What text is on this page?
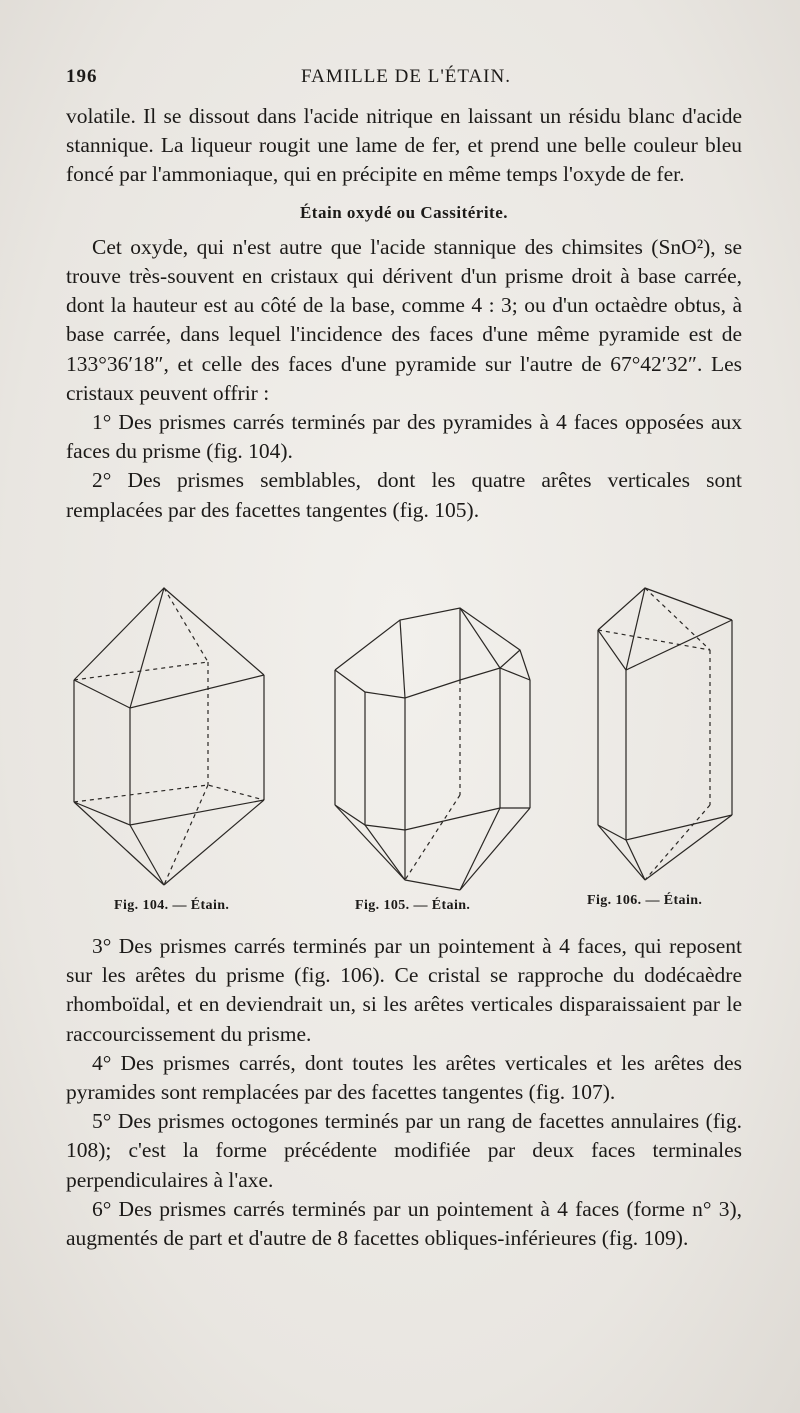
196	FAMILLE DE L'ÉTAIN.

volatile. Il se dissout dans l'acide nitrique en laissant un résidu blanc d'acide stannique. La liqueur rougit une lame de fer, et prend une belle couleur bleu foncé par l'ammoniaque, qui en précipite en même temps l'oxyde de fer.

Étain oxydé ou Cassitérite.

Cet oxyde, qui n'est autre que l'acide stannique des chimsites (SnO²), se trouve très-souvent en cristaux qui dérivent d'un prisme droit à base carrée, dont la hauteur est au côté de la base, comme 4 : 3; ou d'un octaèdre obtus, à base carrée, dans lequel l'incidence des faces d'une même pyramide est de 133°36′18″, et celle des faces d'une pyramide sur l'autre de 67°42′32″. Les cristaux peuvent offrir :

1° Des prismes carrés terminés par des pyramides à 4 faces opposées aux faces du prisme (fig. 104).

2° Des prismes semblables, dont les quatre arêtes verticales sont remplacées par des facettes tangentes (fig. 105).

Fig. 104. — Étain.	Fig. 105. — Étain.	Fig. 106. — Étain.

3° Des prismes carrés terminés par un pointement à 4 faces, qui reposent sur les arêtes du prisme (fig. 106). Ce cristal se rapproche du dodécaèdre rhomboïdal, et en deviendrait un, si les arêtes verticales disparaissaient par le raccourcissement du prisme.

4° Des prismes carrés, dont toutes les arêtes verticales et les arêtes des pyramides sont remplacées par des facettes tangentes (fig. 107).

5° Des prismes octogones terminés par un rang de facettes annulaires (fig. 108); c'est la forme précédente modifiée par deux faces terminales perpendiculaires à l'axe.

6° Des prismes carrés terminés par un pointement à 4 faces (forme n° 3), augmentés de part et d'autre de 8 facettes obliques-inférieures (fig. 109).
